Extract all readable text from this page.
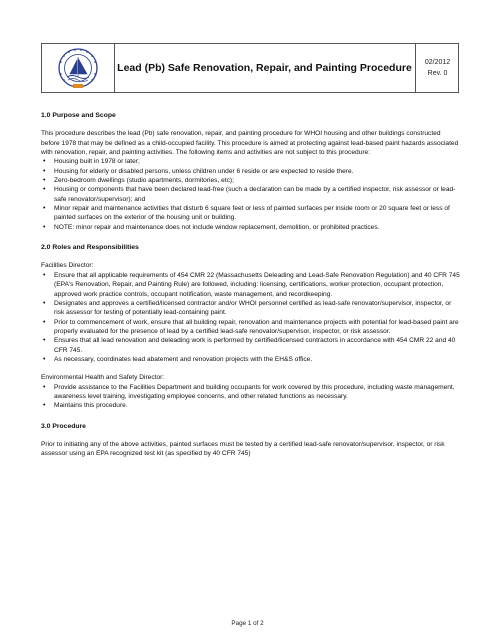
Lead (Pb) Safe Renovation, Repair, and Painting Procedure 02/2012
Rev. 0
1.0 Purpose and Scope

This procedure describes the lead (Pb) safe renovation, repair, and painting procedure for WHOI housing and other buildings constructed before 1978 that may be defined as a child-occupied facility. This procedure is aimed at protecting against lead-based paint hazards associated with renovation, repair, and painting activities. The following items and activities are not subject to this procedure:

• Housing built in 1978 or later;
• Housing for elderly or disabled persons, unless children under 6 reside or are expected to reside there.
• Zero-bedroom dwellings (studio apartments, dormitories, etc);
• Housing or components that have been declared lead-free (such a declaration can be made by a certified inspector, risk assessor or lead-safe renovator/supervisor); and
• Minor repair and maintenance activities that disturb 6 square feet or less of painted surfaces per inside room or 20 square feet or less of painted surfaces on the exterior of the housing unit or building.
• NOTE: minor repair and maintenance does not include window replacement, demolition, or prohibited practices.
2.0 Roles and Responsibilities

Facilities Director:

• Ensure that all applicable requirements of 454 CMR 22 (Massachusetts Deleading and Lead-Safe Renovation Regulation) and 40 CFR 745 (EPA's Renovation, Repair, and Painting Rule) are followed, including: licensing, certifications, worker protection, occupant protection, approved work practice controls, occupant notification, waste management, and recordkeeping.
• Designates and approves a certified/licensed contractor and/or WHOI personnel certified as lead-safe renovator/supervisor, inspector, or risk assessor for testing of potentially lead-containing paint.
• Prior to commencement of work, ensure that all building repair, renovation and maintenance projects with potential for lead-based paint are properly evaluated for the presence of lead by a certified lead-safe renovator/supervisor, inspector, or risk assessor.
• Ensures that all lead renovation and deleading work is performed by certified/licensed contractors in accordance with 454 CMR 22 and 40 CFR 745.
• As necessary, coordinates lead abatement and renovation projects with the EH&S office.

Environmental Health and Safety Director:

• Provide assistance to the Facilities Department and building occupants for work covered by this procedure, including waste management, awareness level training, investigating employee concerns, and other related functions as necessary.
• Maintains this procedure.
3.0 Procedure

Prior to initiating any of the above activities, painted surfaces must be tested by a certified lead-safe renovator/supervisor, inspector, or risk assessor using an EPA recognized test kit (as specified by 40 CFR 745)

Page 1 of 2
